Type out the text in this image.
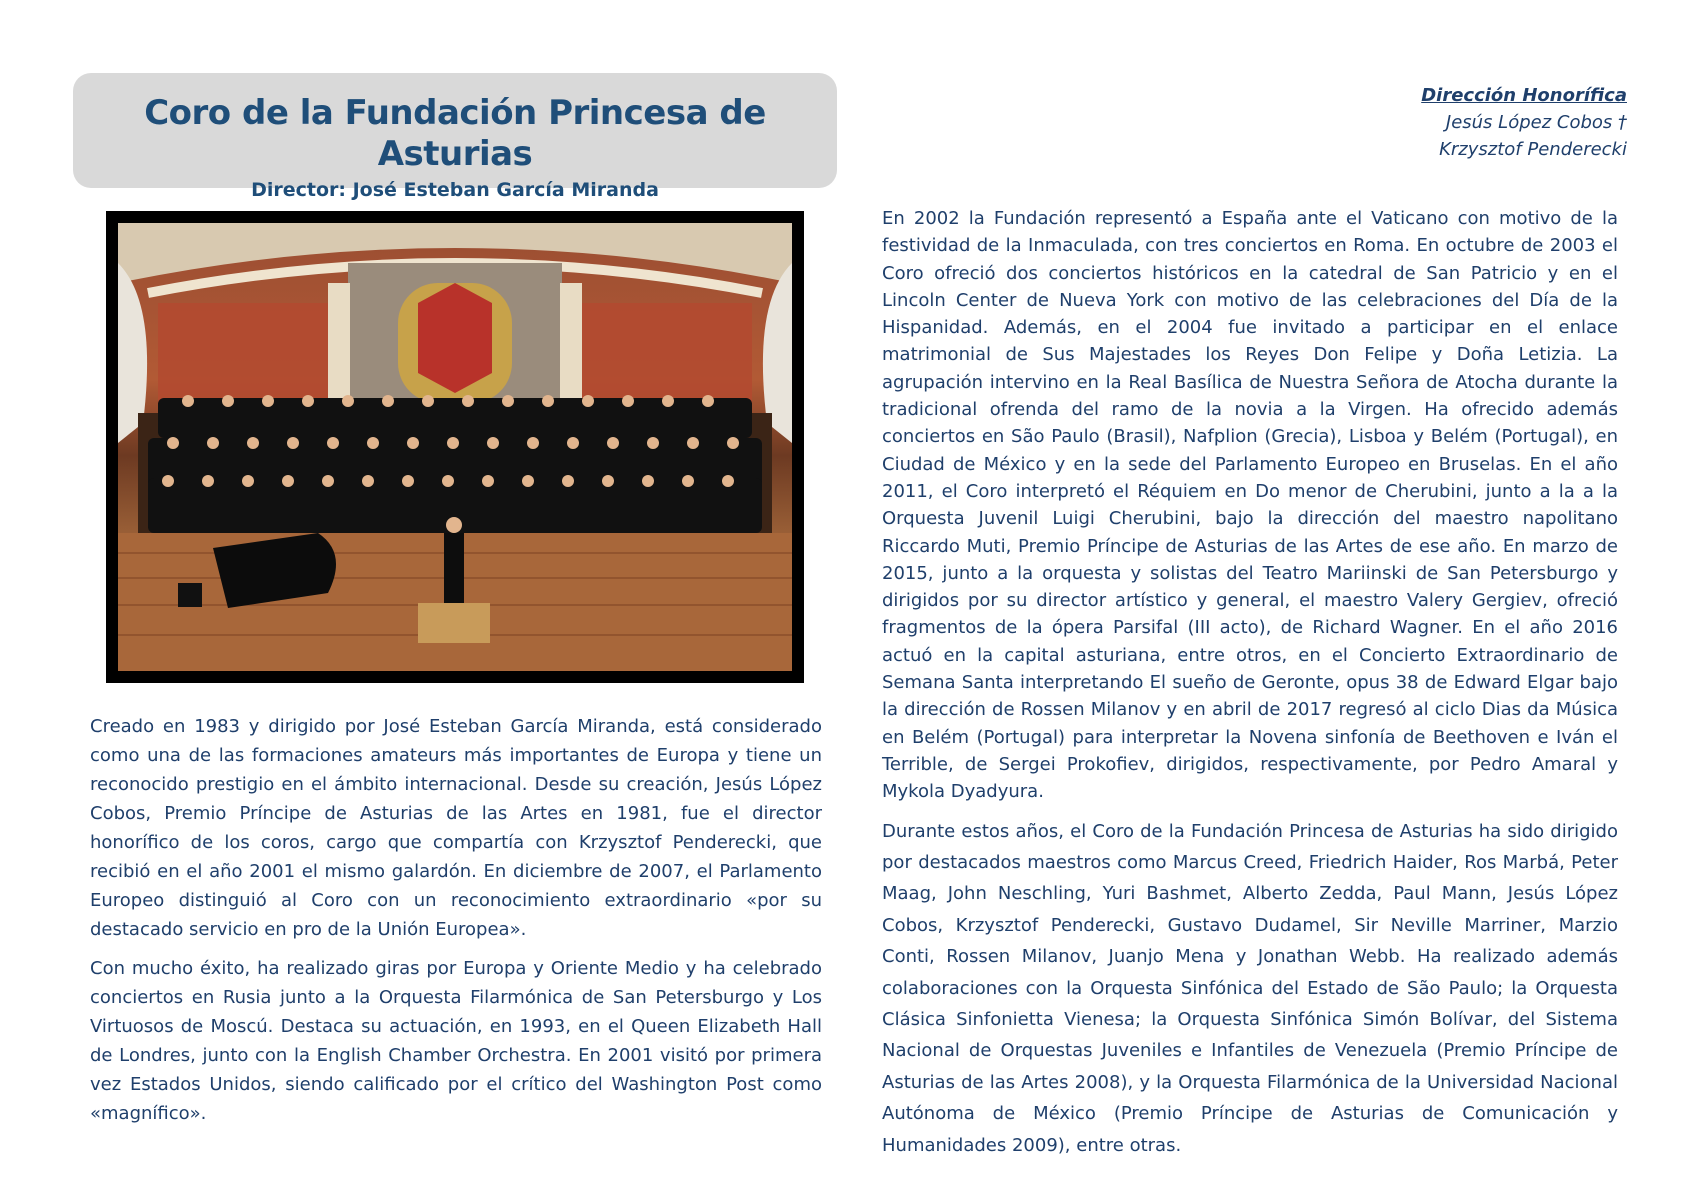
Coro de la Fundación Princesa de Asturias
Director: José Esteban García Miranda
Dirección Honorífica
Jesús López Cobos †
Krzysztof Penderecki

Creado en 1983 y dirigido por José Esteban García Miranda, está considerado como una de las formaciones amateurs más importantes de Europa y tiene un reconocido prestigio en el ámbito internacional. Desde su creación, Jesús López Cobos, Premio Príncipe de Asturias de las Artes en 1981, fue el director honorífico de los coros, cargo que compartía con Krzysztof Penderecki, que recibió en el año 2001 el mismo galardón. En diciembre de 2007, el Parlamento Europeo distinguió al Coro con un reconocimiento extraordinario «por su destacado servicio en pro de la Unión Europea».

Con mucho éxito, ha realizado giras por Europa y Oriente Medio y ha celebrado conciertos en Rusia junto a la Orquesta Filarmónica de San Petersburgo y Los Virtuosos de Moscú. Destaca su actuación, en 1993, en el Queen Elizabeth Hall de Londres, junto con la English Chamber Orchestra. En 2001 visitó por primera vez Estados Unidos, siendo calificado por el crítico del Washington Post como «magnífico».

En 2002 la Fundación representó a España ante el Vaticano con motivo de la festividad de la Inmaculada, con tres conciertos en Roma. En octubre de 2003 el Coro ofreció dos conciertos históricos en la catedral de San Patricio y en el Lincoln Center de Nueva York con motivo de las celebraciones del Día de la Hispanidad. Además, en el 2004 fue invitado a participar en el enlace matrimonial de Sus Majestades los Reyes Don Felipe y Doña Letizia. La agrupación intervino en la Real Basílica de Nuestra Señora de Atocha durante la tradicional ofrenda del ramo de la novia a la Virgen. Ha ofrecido además conciertos en São Paulo (Brasil), Nafplion (Grecia), Lisboa y Belém (Portugal), en Ciudad de México y en la sede del Parlamento Europeo en Bruselas. En el año 2011, el Coro interpretó el Réquiem en Do menor de Cherubini, junto a la a la Orquesta Juvenil Luigi Cherubini, bajo la dirección del maestro napolitano Riccardo Muti, Premio Príncipe de Asturias de las Artes de ese año. En marzo de 2015, junto a la orquesta y solistas del Teatro Mariinski de San Petersburgo y dirigidos por su director artístico y general, el maestro Valery Gergiev, ofreció fragmentos de la ópera Parsifal (III acto), de Richard Wagner. En el año 2016 actuó en la capital asturiana, entre otros, en el Concierto Extraordinario de Semana Santa interpretando El sueño de Geronte, opus 38 de Edward Elgar bajo la dirección de Rossen Milanov y en abril de 2017 regresó al ciclo Dias da Música en Belém (Portugal) para interpretar la Novena sinfonía de Beethoven e Iván el Terrible, de Sergei Prokofiev, dirigidos, respectivamente, por Pedro Amaral y Mykola Dyadyura.

Durante estos años, el Coro de la Fundación Princesa de Asturias ha sido dirigido por destacados maestros como Marcus Creed, Friedrich Haider, Ros Marbá, Peter Maag, John Neschling, Yuri Bashmet, Alberto Zedda, Paul Mann, Jesús López Cobos, Krzysztof Penderecki, Gustavo Dudamel, Sir Neville Marriner, Marzio Conti, Rossen Milanov, Juanjo Mena y Jonathan Webb. Ha realizado además colaboraciones con la Orquesta Sinfónica del Estado de São Paulo; la Orquesta Clásica Sinfonietta Vienesa; la Orquesta Sinfónica Simón Bolívar, del Sistema Nacional de Orquestas Juveniles e Infantiles de Venezuela (Premio Príncipe de Asturias de las Artes 2008), y la Orquesta Filarmónica de la Universidad Nacional Autónoma de México (Premio Príncipe de Asturias de Comunicación y Humanidades 2009), entre otras.
